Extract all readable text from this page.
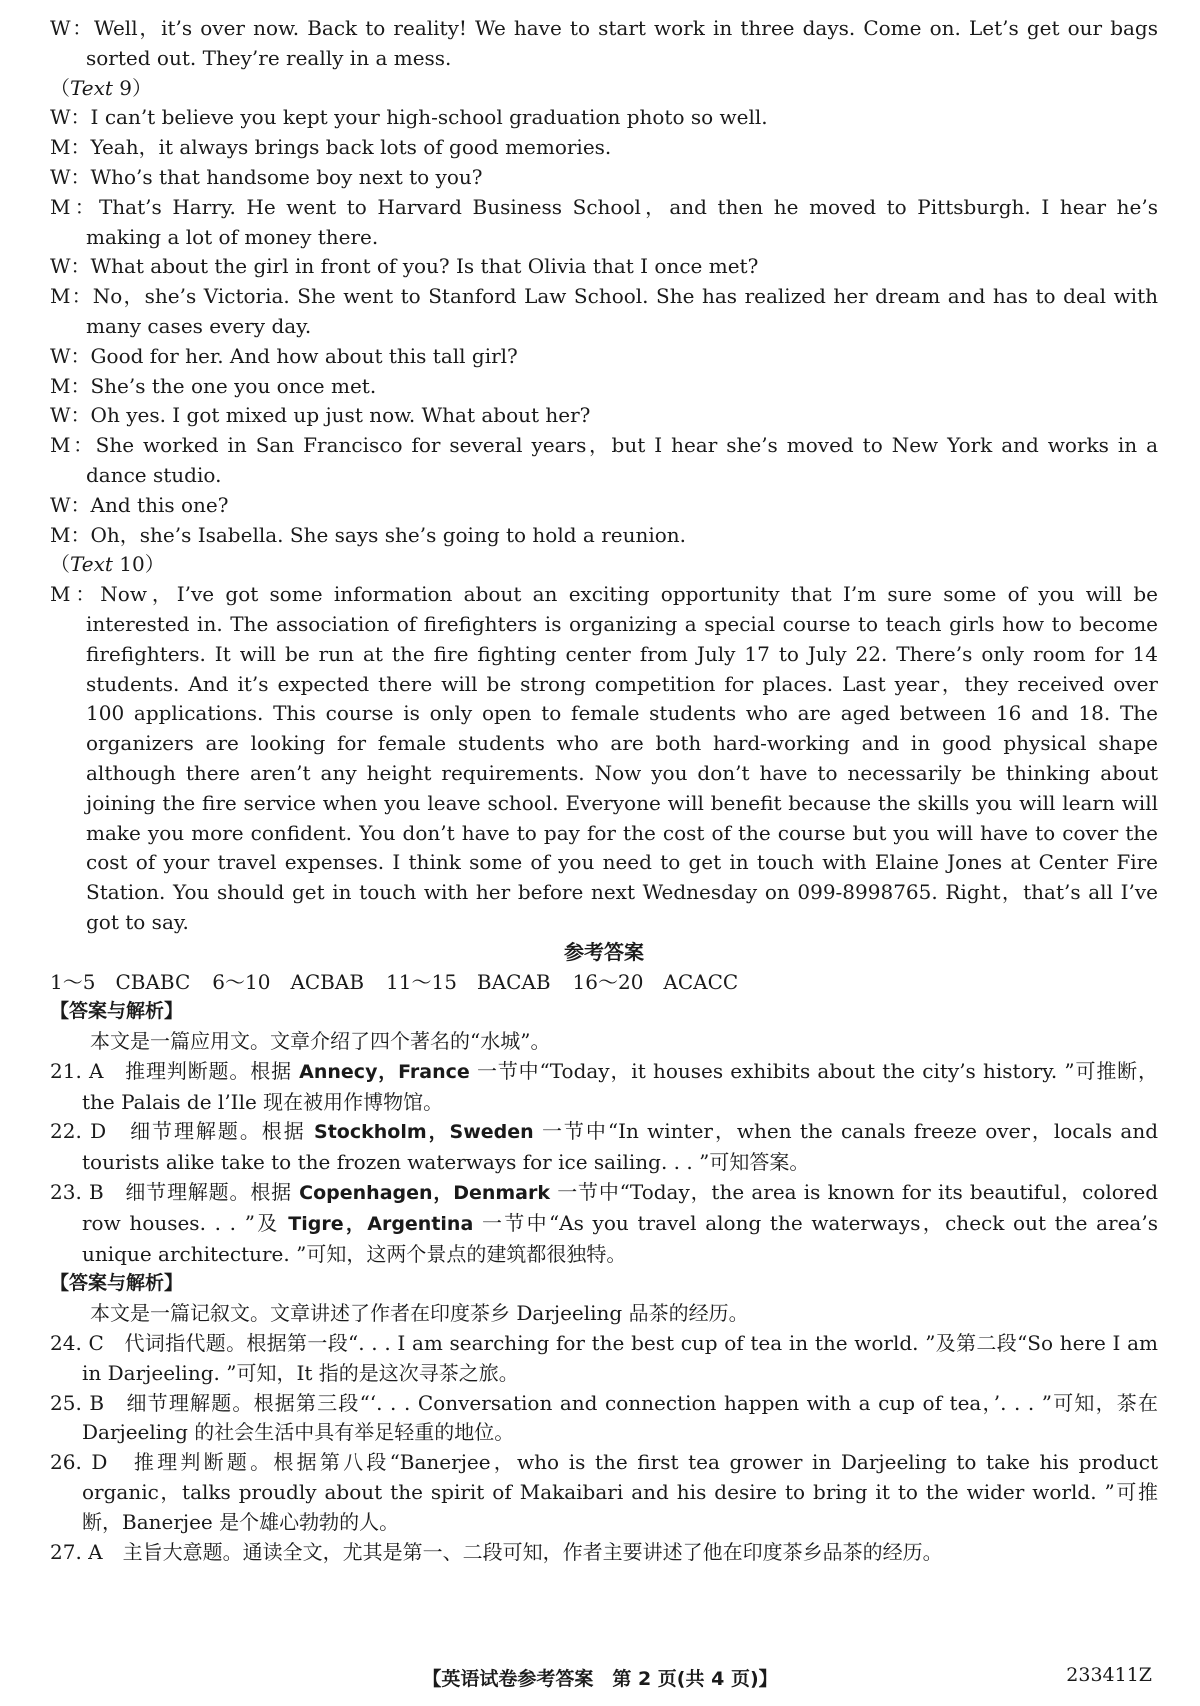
W：Well，it’s over now. Back to reality! We have to start work in three days. Come on. Let’s get our bags sorted out. They’re really in a mess.
（Text 9）
W：I can’t believe you kept your high-school graduation photo so well.
M：Yeah，it always brings back lots of good memories.
W：Who’s that handsome boy next to you?
M：That’s Harry. He went to Harvard Business School，and then he moved to Pittsburgh. I hear he’s making a lot of money there.
W：What about the girl in front of you? Is that Olivia that I once met?
M：No，she’s Victoria. She went to Stanford Law School. She has realized her dream and has to deal with many cases every day.
W：Good for her. And how about this tall girl?
M：She’s the one you once met.
W：Oh yes. I got mixed up just now. What about her?
M：She worked in San Francisco for several years，but I hear she’s moved to New York and works in a dance studio.
W：And this one?
M：Oh，she’s Isabella. She says she’s going to hold a reunion.
（Text 10）
M：Now，I’ve got some information about an exciting opportunity that I’m sure some of you will be interested in. The association of firefighters is organizing a special course to teach girls how to become firefighters. It will be run at the fire fighting center from July 17 to July 22. There’s only room for 14 students. And it’s expected there will be strong competition for places. Last year，they received over 100 applications. This course is only open to female students who are aged between 16 and 18. The organizers are looking for female students who are both hard-working and in good physical shape although there aren’t any height requirements. Now you don’t have to necessarily be thinking about joining the fire service when you leave school. Everyone will benefit because the skills you will learn will make you more confident. You don’t have to pay for the cost of the course but you will have to cover the cost of your travel expenses. I think some of you need to get in touch with Elaine Jones at Center Fire Station. You should get in touch with her before next Wednesday on 099-8998765. Right，that’s all I’ve got to say.
参考答案
1～5　CBABC 6～10　ACBAB 11～15　BACAB 16～20　ACACC
【答案与解析】
本文是一篇应用文。文章介绍了四个著名的“水城”。
21. A　推理判断题。根据 Annecy，France 一节中“Today，it houses exhibits about the city’s history. ”可推断，the Palais de l’Ile 现在被用作博物馆。
22. D　细节理解题。根据 Stockholm，Sweden 一节中“In winter，when the canals freeze over，locals and tourists alike take to the frozen waterways for ice sailing. . . ”可知答案。
23. B　细节理解题。根据 Copenhagen，Denmark 一节中“Today，the area is known for its beautiful，colored row houses. . . ”及 Tigre，Argentina 一节中“As you travel along the waterways，check out the area’s unique architecture. ”可知，这两个景点的建筑都很独特。
【答案与解析】
本文是一篇记叙文。文章讲述了作者在印度茶乡 Darjeeling 品茶的经历。
24. C　代词指代题。根据第一段“. . . I am searching for the best cup of tea in the world. ”及第二段“So here I am in Darjeeling. ”可知，It 指的是这次寻茶之旅。
25. B　细节理解题。根据第三段“‘. . . Conversation and connection happen with a cup of tea，’. . . ”可知，茶在 Darjeeling 的社会生活中具有举足轻重的地位。
26. D　推理判断题。根据第八段“Banerjee，who is the first tea grower in Darjeeling to take his product organic，talks proudly about the spirit of Makaibari and his desire to bring it to the wider world. ”可推断，Banerjee 是个雄心勃勃的人。
27. A　主旨大意题。通读全文，尤其是第一、二段可知，作者主要讲述了他在印度茶乡品茶的经历。
【英语试卷参考答案　第 2 页(共 4 页)】	233411Z
